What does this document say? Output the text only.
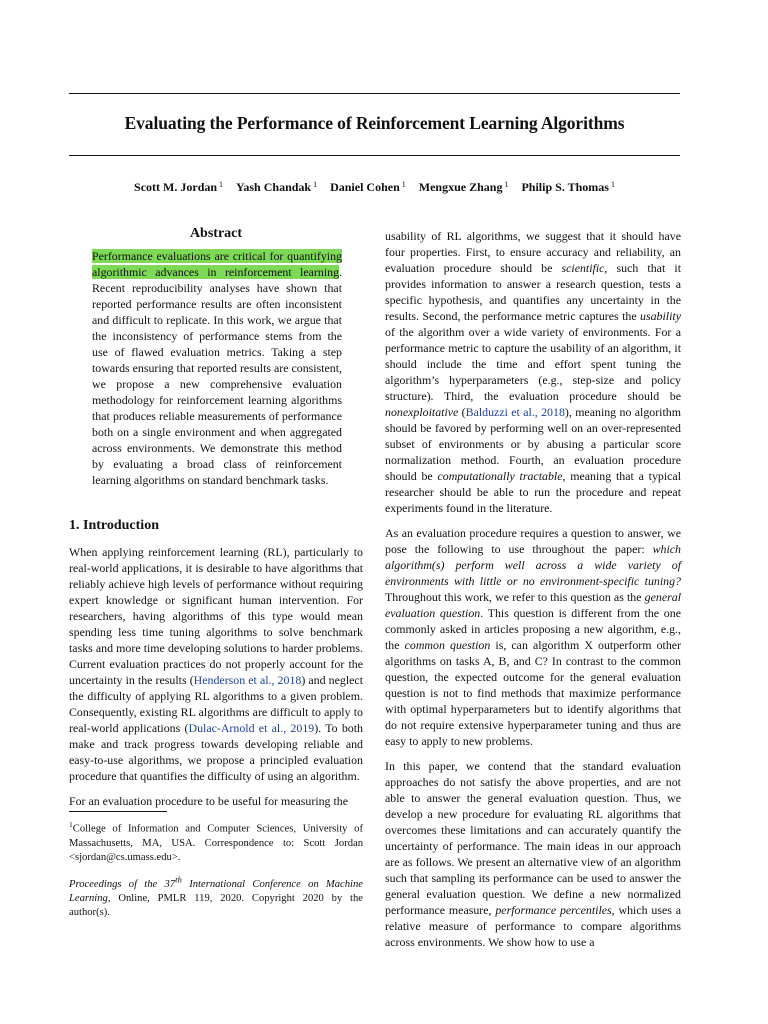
Evaluating the Performance of Reinforcement Learning Algorithms
Scott M. Jordan $^1$ Yash Chandak $^1$ Daniel Cohen $^1$ Mengxue Zhang $^1$ Philip S. Thomas $^1$
Abstract
Performance evaluations are critical for quantifying algorithmic advances in reinforcement learning. Recent reproducibility analyses have shown that reported performance results are often inconsistent and difficult to replicate. In this work, we argue that the inconsistency of performance stems from the use of flawed evaluation metrics. Taking a step towards ensuring that reported results are consistent, we propose a new comprehensive evaluation methodology for reinforcement learning algorithms that produces reliable measurements of performance both on a single environment and when aggregated across environments. We demonstrate this method by evaluating a broad class of reinforcement learning algorithms on standard benchmark tasks.
1. Introduction

When applying reinforcement learning (RL), particularly to real-world applications, it is desirable to have algorithms that reliably achieve high levels of performance without requiring expert knowledge or significant human intervention. For researchers, having algorithms of this type would mean spending less time tuning algorithms to solve benchmark tasks and more time developing solutions to harder problems. Current evaluation practices do not properly account for the uncertainty in the results (Henderson et al., 2018) and neglect the difficulty of applying RL algorithms to a given problem. Consequently, existing RL algorithms are difficult to apply to real-world applications (Dulac-Arnold et al., 2019). To both make and track progress towards developing reliable and easy-to-use algorithms, we propose a principled evaluation procedure that quantifies the difficulty of using an algorithm.

For an evaluation procedure to be useful for measuring the

$^1$College of Information and Computer Sciences, University of Massachusetts, MA, USA. Correspondence to: Scott Jordan <sjordan@cs.umass.edu>.
Proceedings of the 37th International Conference on Machine Learning, Online, PMLR 119, 2020. Copyright 2020 by the author(s).

usability of RL algorithms, we suggest that it should have four properties. First, to ensure accuracy and reliability, an evaluation procedure should be scientific, such that it provides information to answer a research question, tests a specific hypothesis, and quantifies any uncertainty in the results. Second, the performance metric captures the usability of the algorithm over a wide variety of environments. For a performance metric to capture the usability of an algorithm, it should include the time and effort spent tuning the algorithm’s hyperparameters (e.g., step-size and policy structure). Third, the evaluation procedure should be nonexploitative (Balduzzi et al., 2018), meaning no algorithm should be favored by performing well on an over-represented subset of environments or by abusing a particular score normalization method. Fourth, an evaluation procedure should be computationally tractable, meaning that a typical researcher should be able to run the procedure and repeat experiments found in the literature.

As an evaluation procedure requires a question to answer, we pose the following to use throughout the paper: which algorithm(s) perform well across a wide variety of environments with little or no environment-specific tuning? Throughout this work, we refer to this question as the general evaluation question. This question is different from the one commonly asked in articles proposing a new algorithm, e.g., the common question is, can algorithm X outperform other algorithms on tasks A, B, and C? In contrast to the common question, the expected outcome for the general evaluation question is not to find methods that maximize performance with optimal hyperparameters but to identify algorithms that do not require extensive hyperparameter tuning and thus are easy to apply to new problems.

In this paper, we contend that the standard evaluation approaches do not satisfy the above properties, and are not able to answer the general evaluation question. Thus, we develop a new procedure for evaluating RL algorithms that overcomes these limitations and can accurately quantify the uncertainty of performance. The main ideas in our approach are as follows. We present an alternative view of an algorithm such that sampling its performance can be used to answer the general evaluation question. We define a new normalized performance measure, performance percentiles, which uses a relative measure of performance to compare algorithms across environments. We show how to use a
